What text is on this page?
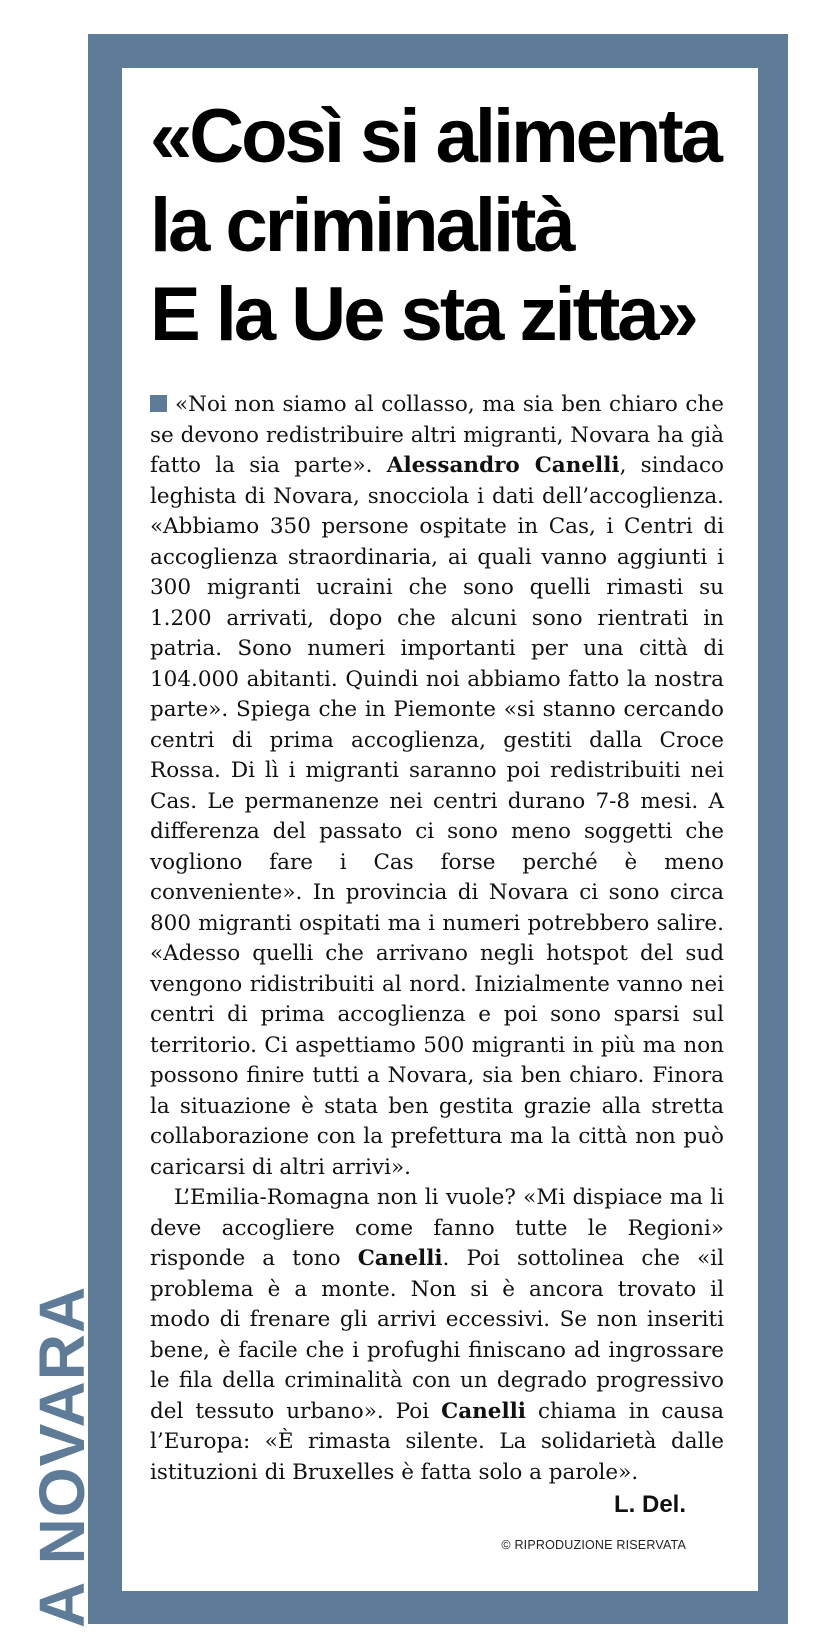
A NOVARA
«Così si alimenta
la criminalità
E la Ue sta zitta»

«Noi non siamo al collasso, ma sia ben chiaro che se devono redistribuire altri migranti, Novara ha già fatto la sia parte». Alessandro Canelli, sindaco leghista di Novara, snocciola i dati dell’accoglienza. «Abbiamo 350 persone ospitate in Cas, i Centri di accoglienza straordinaria, ai quali vanno aggiunti i 300 migranti ucraini che sono quelli rimasti su 1.200 arrivati, dopo che alcuni sono rientrati in patria. Sono numeri importanti per una città di 104.000 abitanti. Quindi noi abbiamo fatto la nostra parte». Spiega che in Piemonte «si stanno cercando centri di prima accoglienza, gestiti dalla Croce Rossa. Di lì i migranti saranno poi redistribuiti nei Cas. Le permanenze nei centri durano 7-8 mesi. A differenza del passato ci sono meno soggetti che vogliono fare i Cas forse perché è meno conveniente». In provincia di Novara ci sono circa 800 migranti ospitati ma i numeri potrebbero salire. «Adesso quelli che arrivano negli hotspot del sud vengono ridistribuiti al nord. Inizialmente vanno nei centri di prima accoglienza e poi sono sparsi sul territorio. Ci aspettiamo 500 migranti in più ma non possono finire tutti a Novara, sia ben chiaro. Finora la situazione è stata ben gestita grazie alla stretta collaborazione con la prefettura ma la città non può caricarsi di altri arrivi».

L’Emilia-Romagna non li vuole? «Mi dispiace ma li deve accogliere come fanno tutte le Regioni» risponde a tono Canelli. Poi sottolinea che «il problema è a monte. Non si è ancora trovato il modo di frenare gli arrivi eccessivi. Se non inseriti bene, è facile che i profughi finiscano ad ingrossare le fila della criminalità con un degrado progressivo del tessuto urbano». Poi Canelli chiama in causa l’Europa: «È rimasta silente. La solidarietà dalle istituzioni di Bruxelles è fatta solo a parole».

L. Del.

© RIPRODUZIONE RISERVATA
